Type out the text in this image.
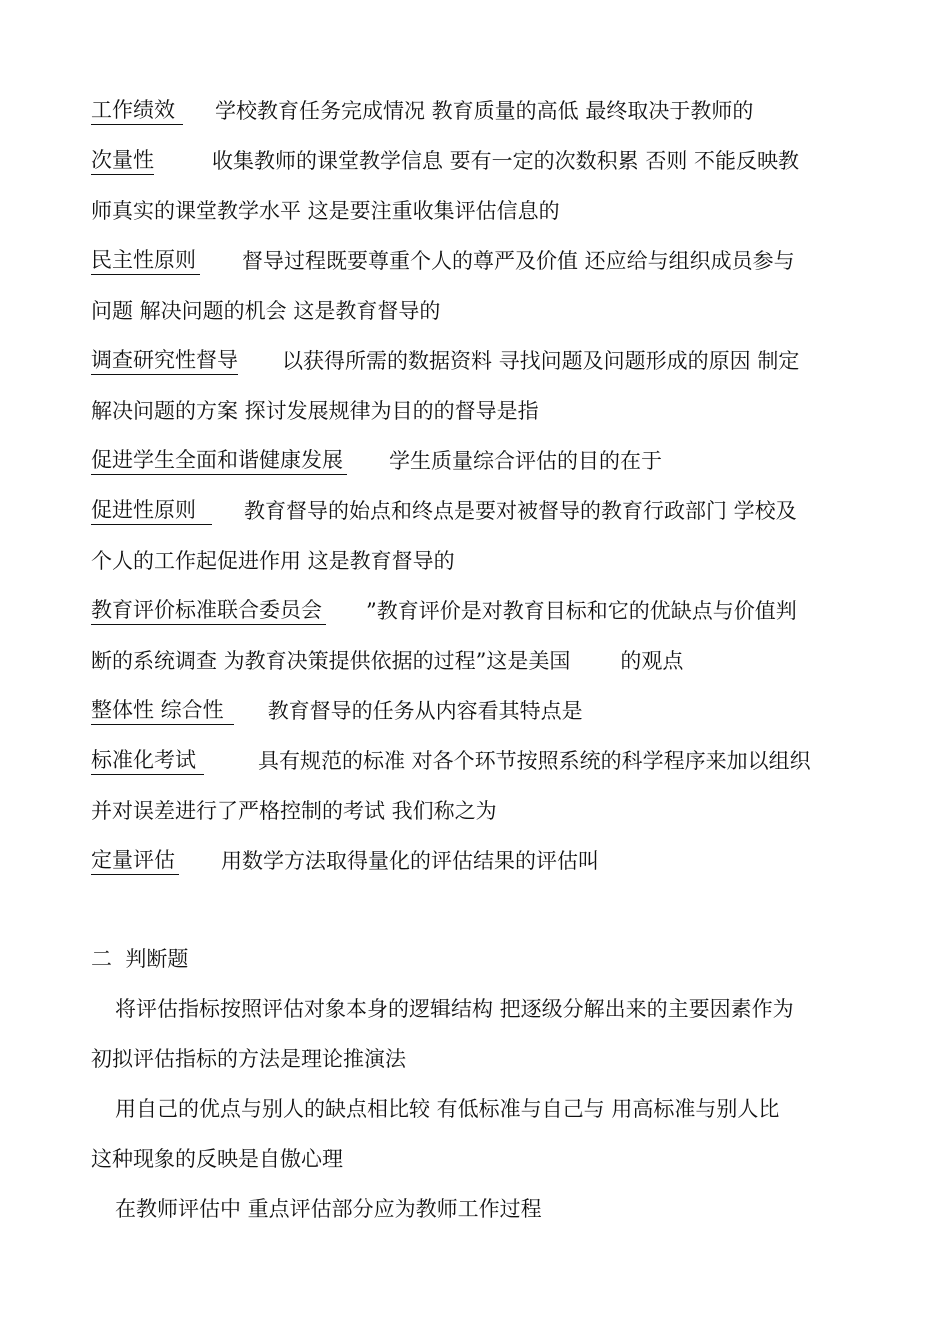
工作绩效 学校教育任务完成情况 教育质量的高低 最终取决于教师的
次量性	收集教师的课堂教学信息 要有一定的次数积累 否则 不能反映教
师真实的课堂教学水平 这是要注重收集评估信息的
民主性原则 督导过程既要尊重个人的尊严及价值 还应给与组织成员参与
问题 解决问题的机会 这是教育督导的
调查研究性督导 以获得所需的数据资料 寻找问题及问题形成的原因 制定
解决问题的方案 探讨发展规律为目的的督导是指
促进学生全面和谐健康发展 学生质量综合评估的目的在于
促进性原则 教育督导的始点和终点是要对被督导的教育行政部门 学校及
个人的工作起促进作用 这是教育督导的
教育评价标准联合委员会 ”教育评价是对教育目标和它的优缺点与价值判
断的系统调查 为教育决策提供依据的过程”这是美国 的观点
整体性 综合性 教育督导的任务从内容看其特点是
标准化考试	具有规范的标准 对各个环节按照系统的科学程序来加以组织
并对误差进行了严格控制的考试 我们称之为
定量评估 用数学方法取得量化的评估结果的评估叫
二  判断题
将评估指标按照评估对象本身的逻辑结构 把逐级分解出来的主要因素作为
初拟评估指标的方法是理论推演法
用自己的优点与别人的缺点相比较 有低标准与自己与 用高标准与别人比
这种现象的反映是自傲心理
在教师评估中 重点评估部分应为教师工作过程
